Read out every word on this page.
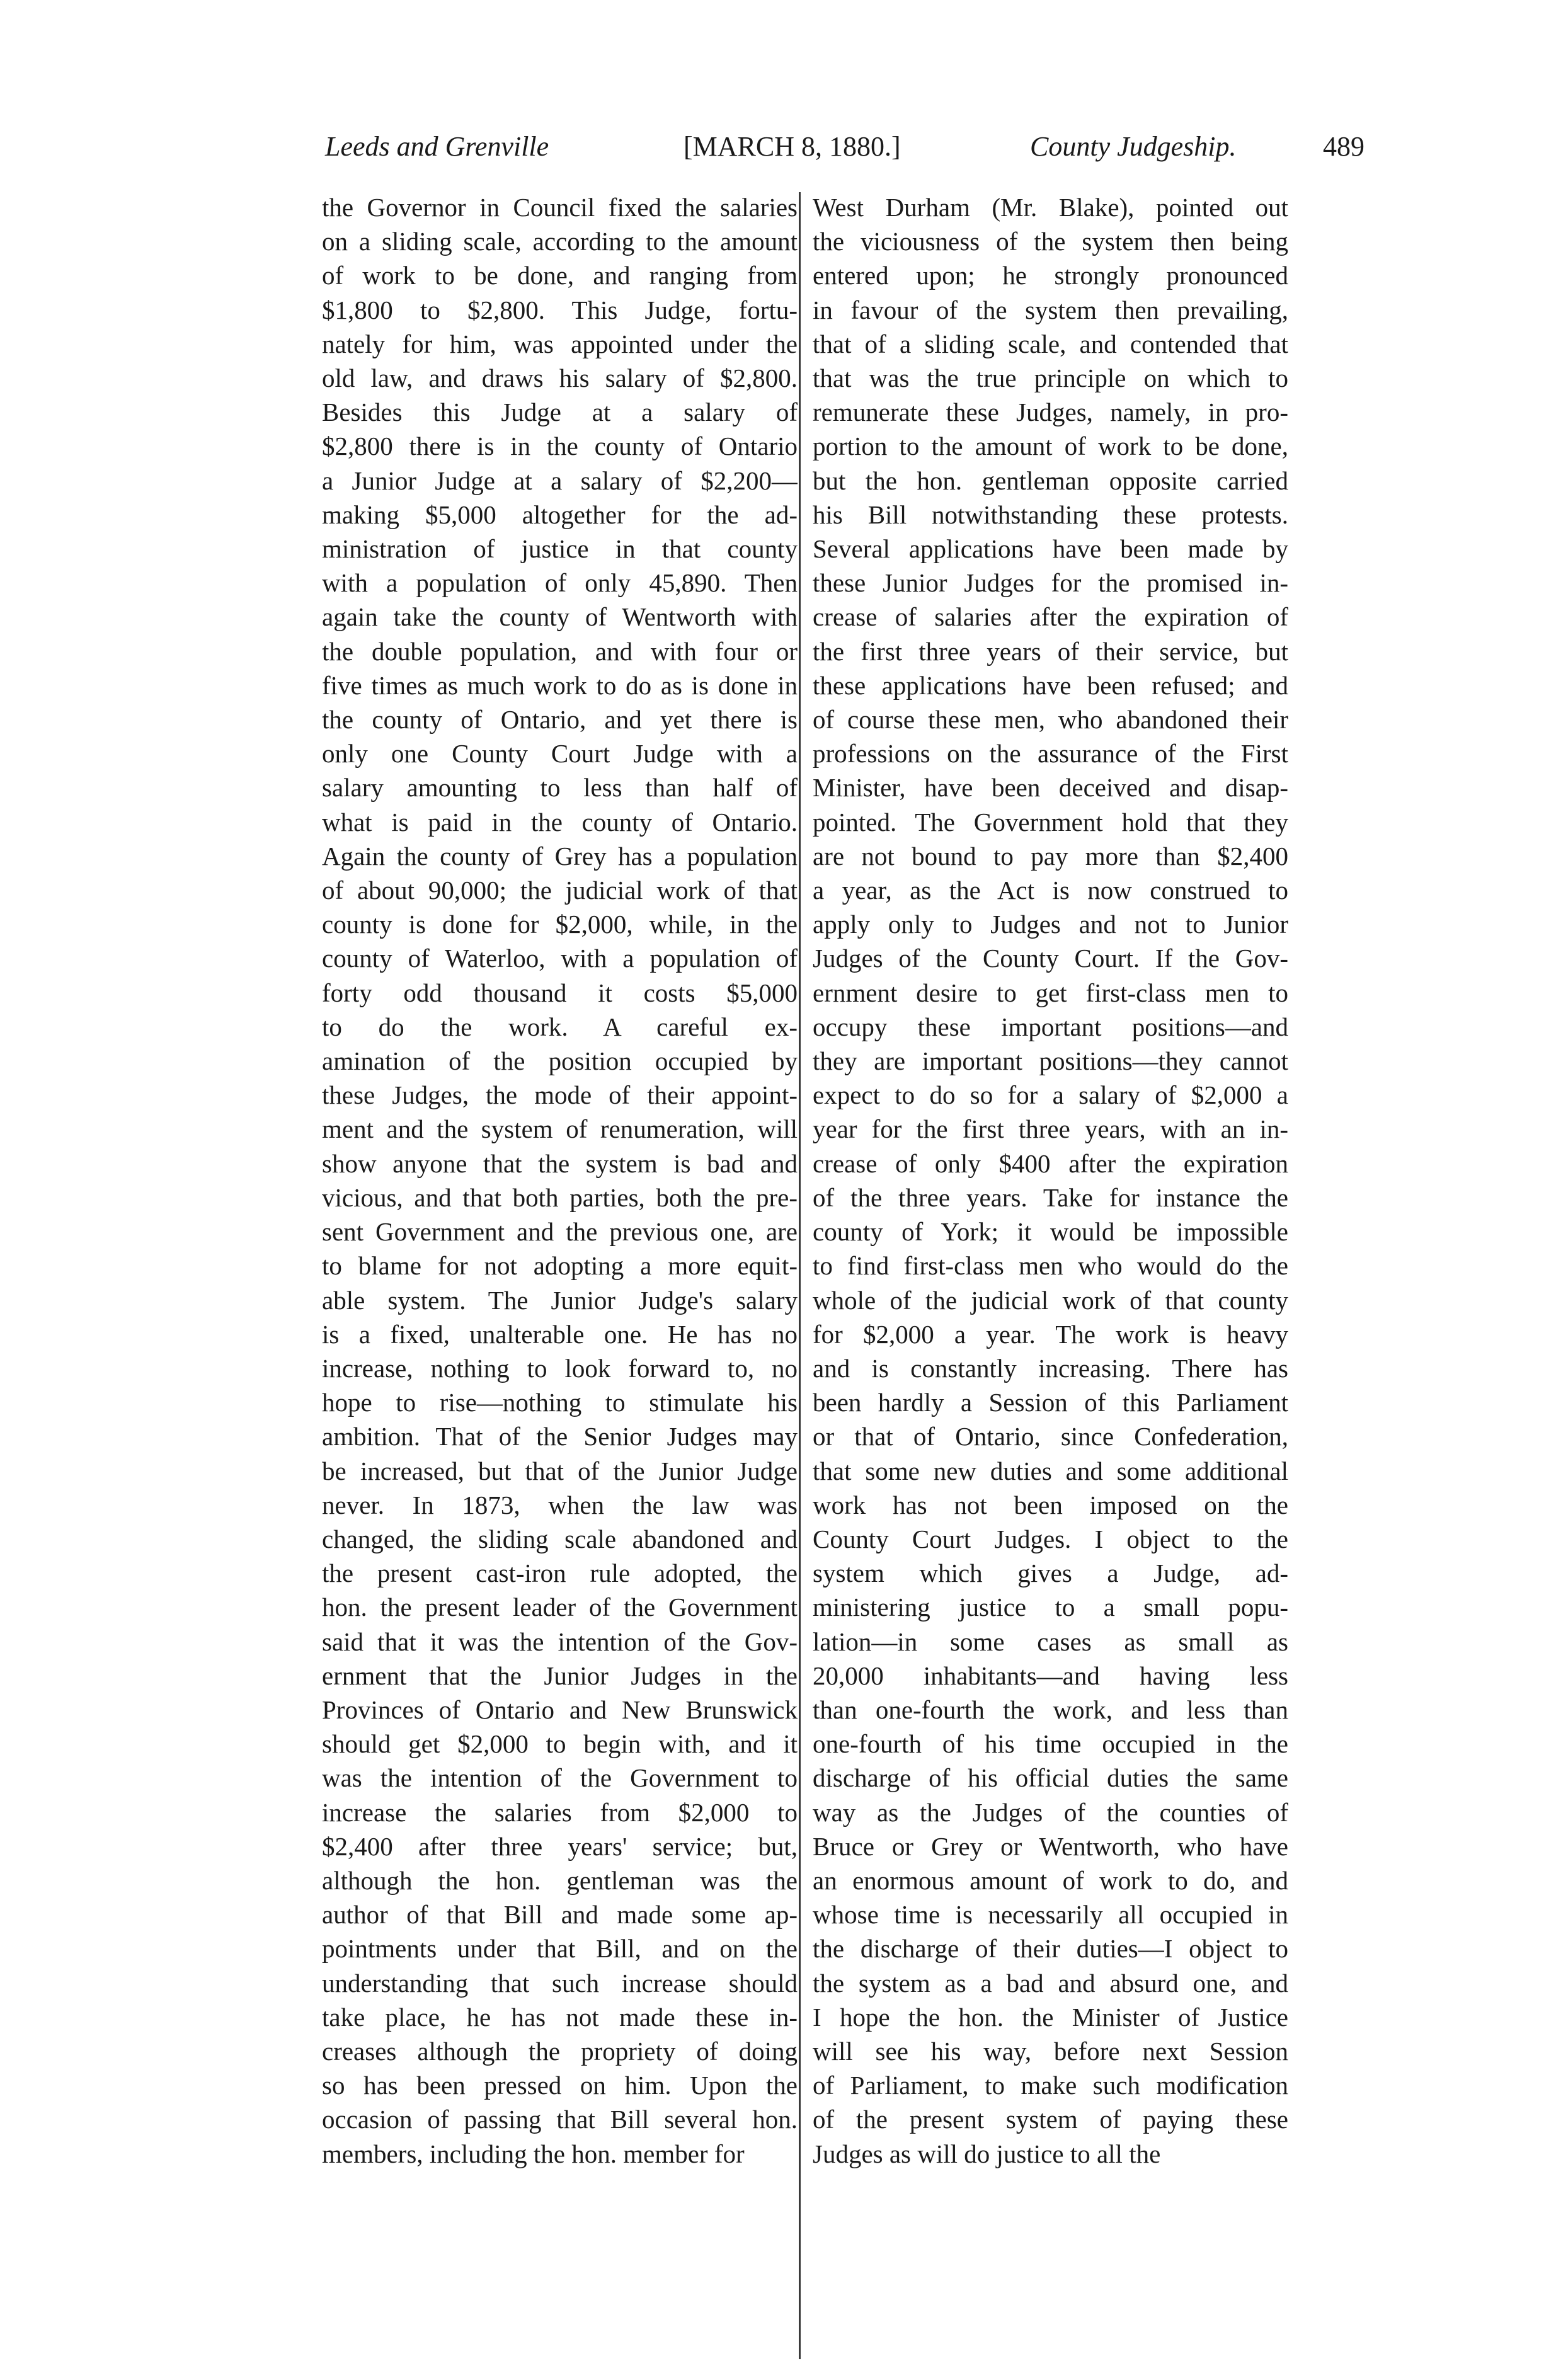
Leeds and Grenville	[MARCH 8, 1880.]	County Judgeship.	489
the Governor in Council fixed the salaries
on a sliding scale, according to the amount
of work to be done, and ranging from
$1,800 to $2,800. This Judge, fortu-
nately for him, was appointed under the
old law, and draws his salary of $2,800.
Besides this Judge at a salary of
$2,800 there is in the county of Ontario
a Junior Judge at a salary of $2,200—
making $5,000 altogether for the ad-
ministration of justice in that county
with a population of only 45,890. Then
again take the county of Wentworth with
the double population, and with four or
five times as much work to do as is done in
the county of Ontario, and yet there is
only one County Court Judge with a
salary amounting to less than half of
what is paid in the county of Ontario.
Again the county of Grey has a population
of about 90,000; the judicial work of that
county is done for $2,000, while, in the
county of Waterloo, with a population of
forty odd thousand it costs $5,000
to do the work. A careful ex-
amination of the position occupied by
these Judges, the mode of their appoint-
ment and the system of renumeration, will
show anyone that the system is bad and
vicious, and that both parties, both the pre-
sent Government and the previous one, are
to blame for not adopting a more equit-
able system. The Junior Judge's salary
is a fixed, unalterable one. He has no
increase, nothing to look forward to, no
hope to rise—nothing to stimulate his
ambition. That of the Senior Judges may
be increased, but that of the Junior Judge
never. In 1873, when the law was
changed, the sliding scale abandoned and
the present cast-iron rule adopted, the
hon. the present leader of the Government
said that it was the intention of the Gov-
ernment that the Junior Judges in the
Provinces of Ontario and New Brunswick
should get $2,000 to begin with, and it
was the intention of the Government to
increase the salaries from $2,000 to
$2,400 after three years' service; but,
although the hon. gentleman was the
author of that Bill and made some ap-
pointments under that Bill, and on the
understanding that such increase should
take place, he has not made these in-
creases although the propriety of doing
so has been pressed on him. Upon the
occasion of passing that Bill several hon.
members, including the hon. member for
West Durham (Mr. Blake), pointed out
the viciousness of the system then being
entered upon; he strongly pronounced
in favour of the system then prevailing,
that of a sliding scale, and contended that
that was the true principle on which to
remunerate these Judges, namely, in pro-
portion to the amount of work to be done,
but the hon. gentleman opposite carried
his Bill notwithstanding these protests.
Several applications have been made by
these Junior Judges for the promised in-
crease of salaries after the expiration of
the first three years of their service, but
these applications have been refused; and
of course these men, who abandoned their
professions on the assurance of the First
Minister, have been deceived and disap-
pointed. The Government hold that they
are not bound to pay more than $2,400
a year, as the Act is now construed to
apply only to Judges and not to Junior
Judges of the County Court. If the Gov-
ernment desire to get first-class men to
occupy these important positions—and
they are important positions—they cannot
expect to do so for a salary of $2,000 a
year for the first three years, with an in-
crease of only $400 after the expiration
of the three years. Take for instance the
county of York; it would be impossible
to find first-class men who would do the
whole of the judicial work of that county
for $2,000 a year. The work is heavy
and is constantly increasing. There has
been hardly a Session of this Parliament
or that of Ontario, since Confederation,
that some new duties and some additional
work has not been imposed on the
County Court Judges. I object to the
system which gives a Judge, ad-
ministering justice to a small popu-
lation—in some cases as small as
20,000 inhabitants—and having less
than one-fourth the work, and less than
one-fourth of his time occupied in the
discharge of his official duties the same
way as the Judges of the counties of
Bruce or Grey or Wentworth, who have
an enormous amount of work to do, and
whose time is necessarily all occupied in
the discharge of their duties—I object to
the system as a bad and absurd one, and
I hope the hon. the Minister of Justice
will see his way, before next Session
of Parliament, to make such modification
of the present system of paying these
Judges as will do justice to all the
